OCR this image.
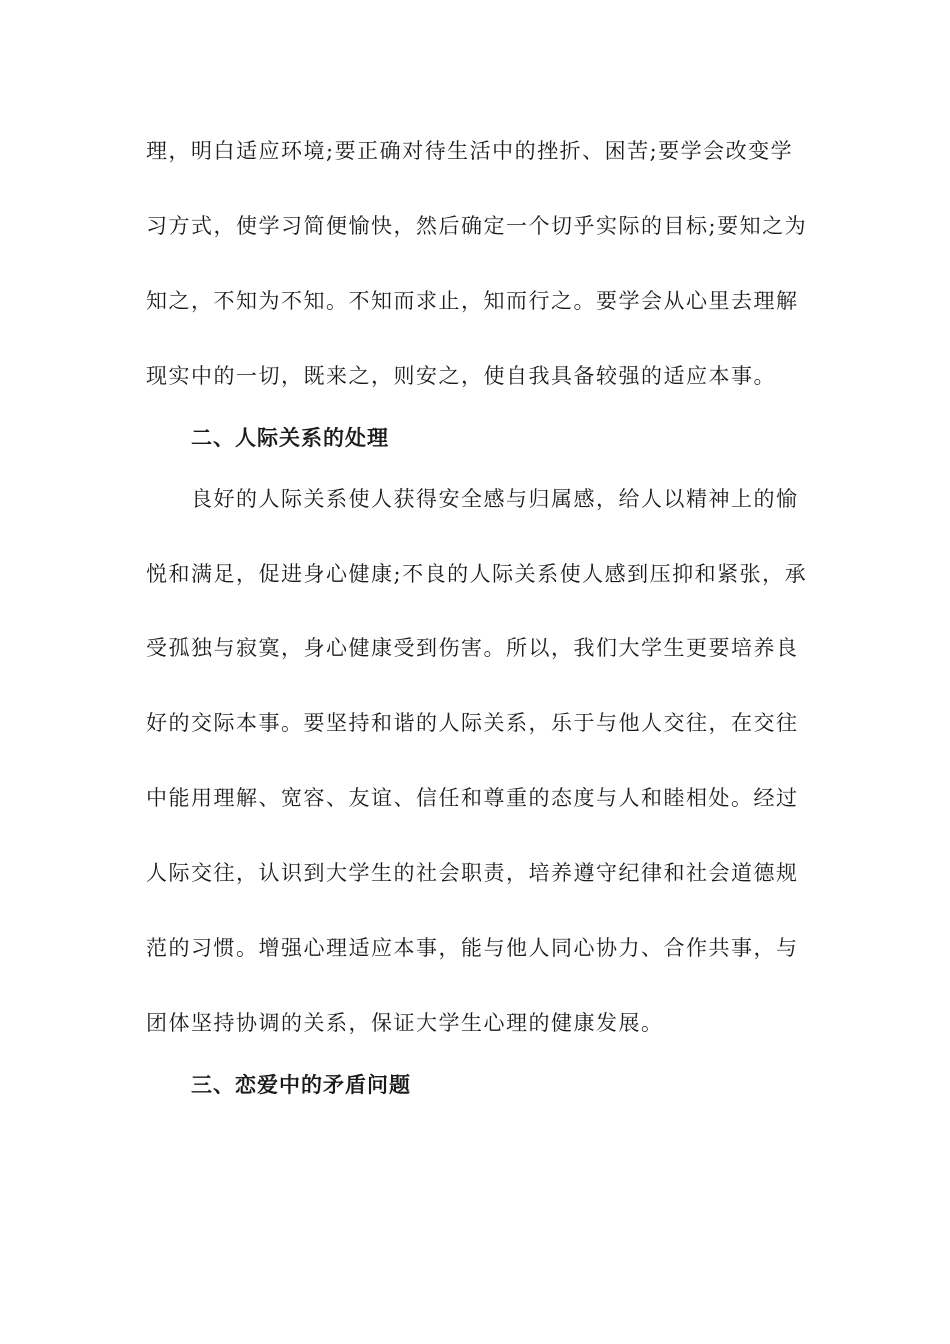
理，明白适应环境;要正确对待生活中的挫折、困苦;要学会改变学
习方式，使学习简便愉快，然后确定一个切乎实际的目标;要知之为
知之，不知为不知。不知而求止，知而行之。要学会从心里去理解
现实中的一切，既来之，则安之，使自我具备较强的适应本事。
二、人际关系的处理
良好的人际关系使人获得安全感与归属感，给人以精神上的愉
悦和满足，促进身心健康;不良的人际关系使人感到压抑和紧张，承
受孤独与寂寞，身心健康受到伤害。所以，我们大学生更要培养良
好的交际本事。要坚持和谐的人际关系，乐于与他人交往，在交往
中能用理解、宽容、友谊、信任和尊重的态度与人和睦相处。经过
人际交往，认识到大学生的社会职责，培养遵守纪律和社会道德规
范的习惯。增强心理适应本事，能与他人同心协力、合作共事，与
团体坚持协调的关系，保证大学生心理的健康发展。
三、恋爱中的矛盾问题
